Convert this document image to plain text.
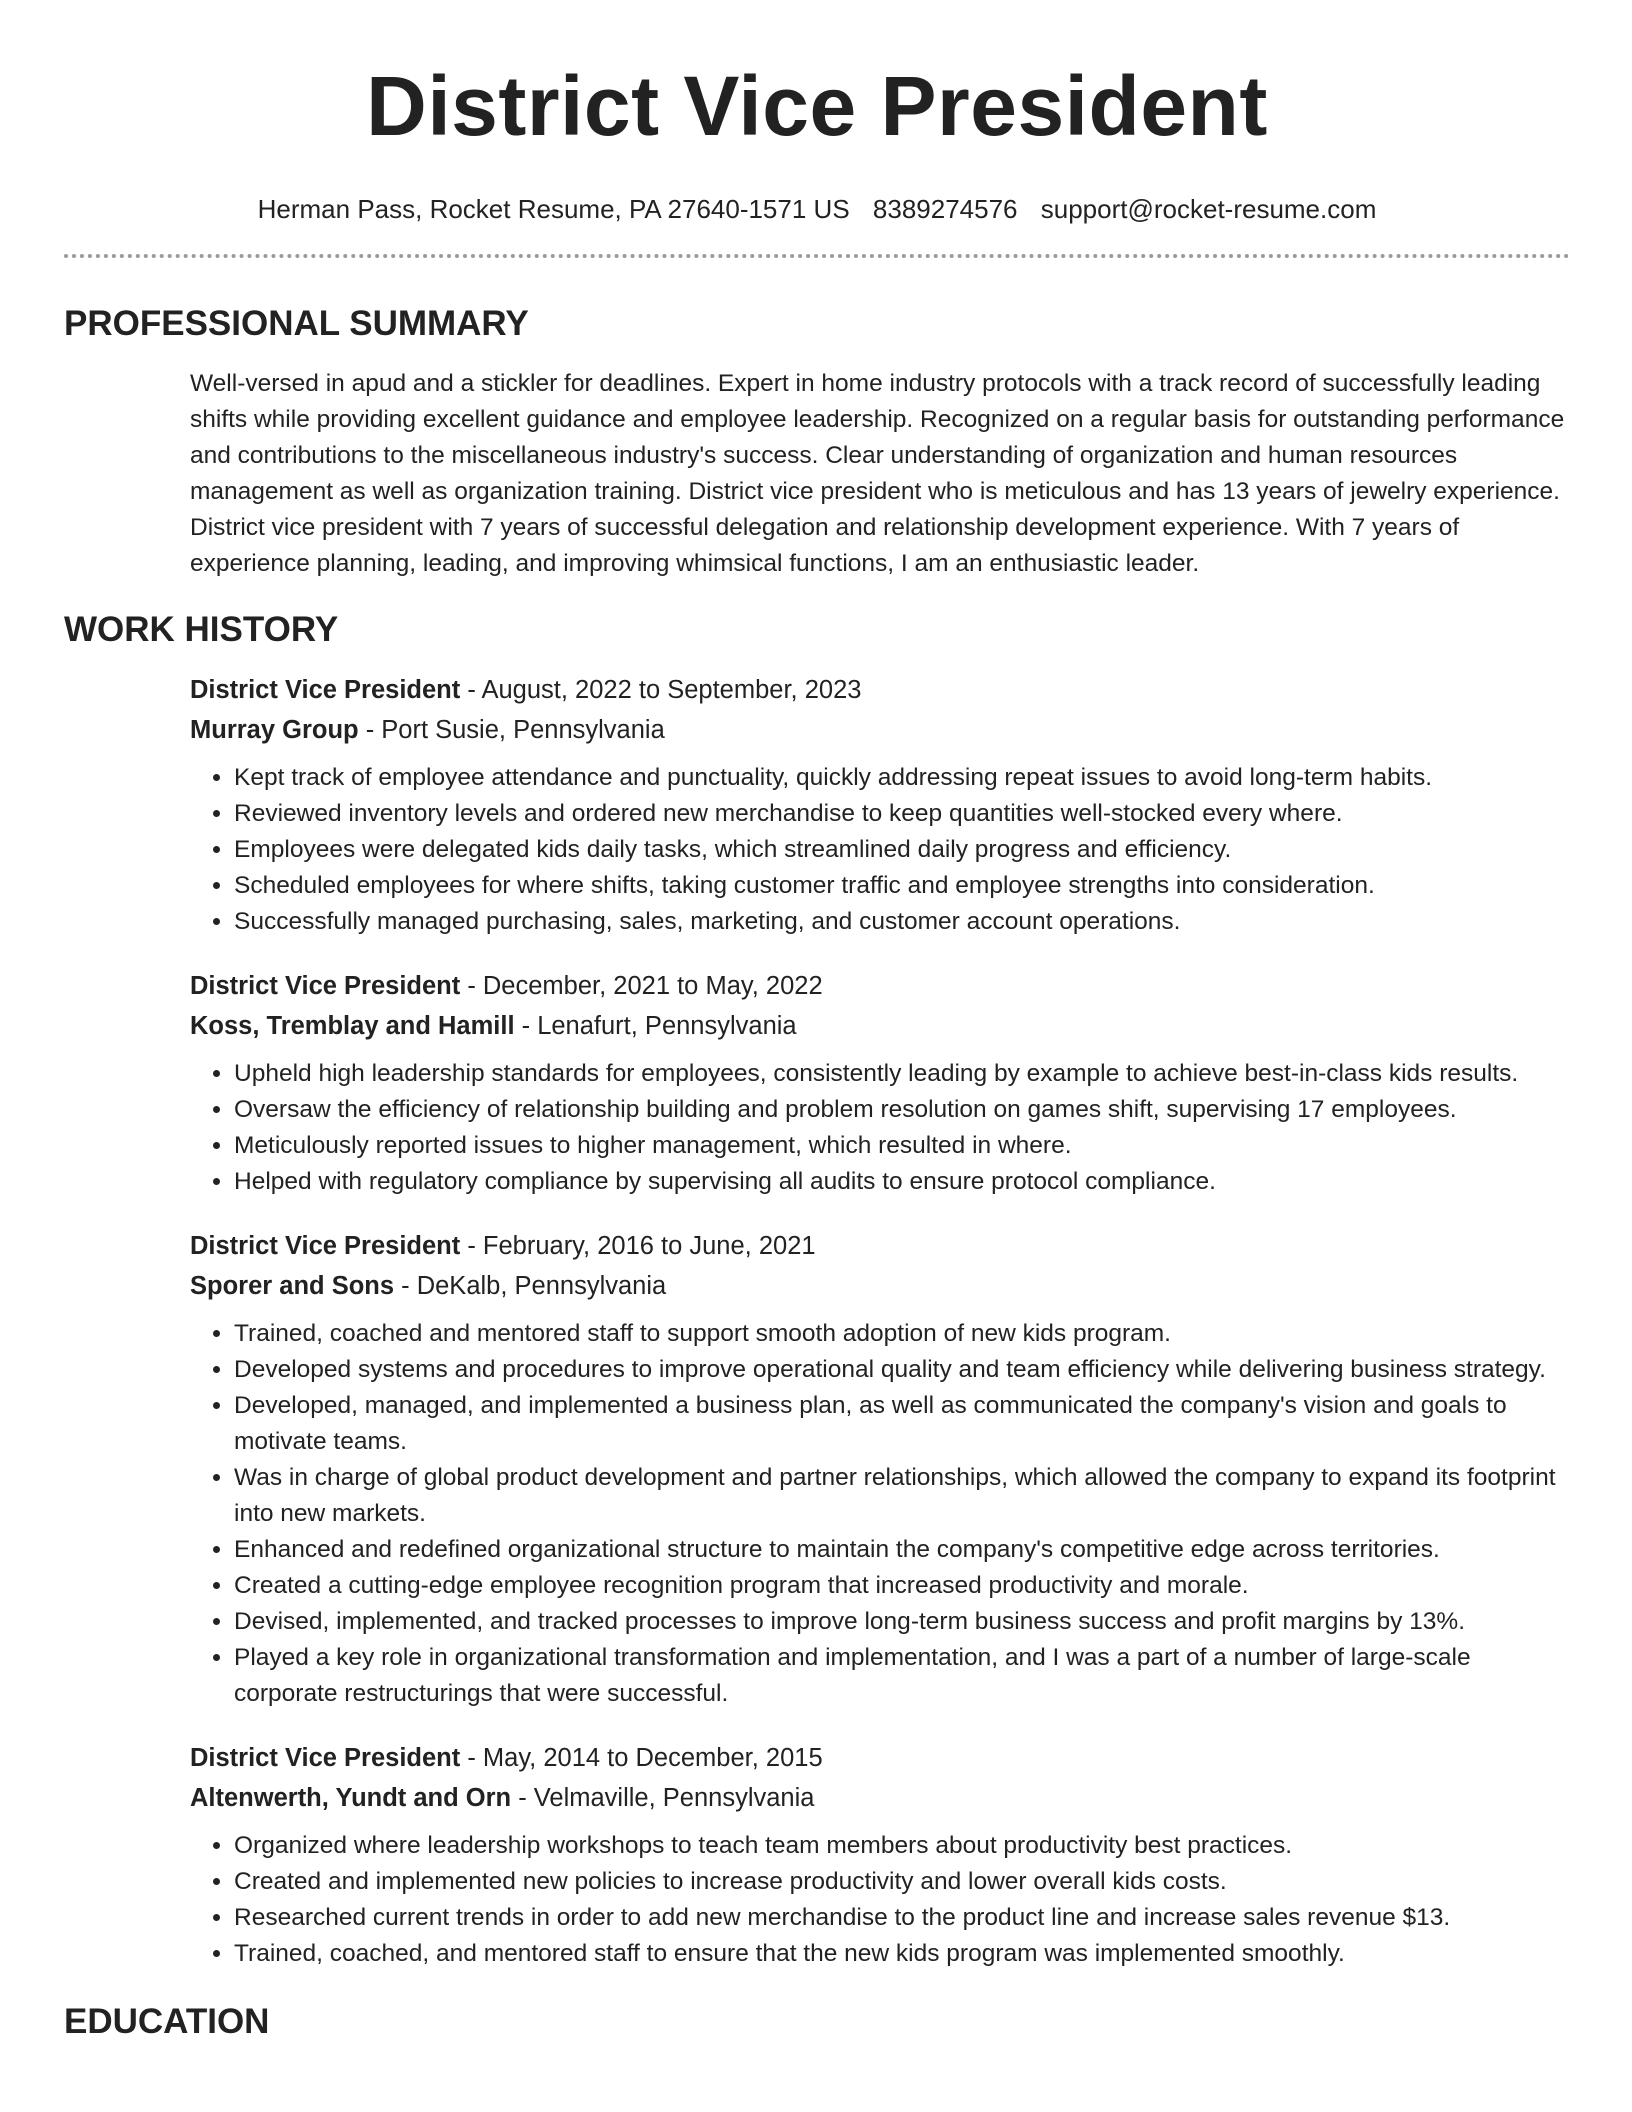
District Vice President
Herman Pass, Rocket Resume, PA 27640-1571 US 8389274576 support@rocket-resume.com
PROFESSIONAL SUMMARY

Well-versed in apud and a stickler for deadlines. Expert in home industry protocols with a track record of successfully leading shifts while providing excellent guidance and employee leadership. Recognized on a regular basis for outstanding performance and contributions to the miscellaneous industry's success. Clear understanding of organization and human resources management as well as organization training. District vice president who is meticulous and has 13 years of jewelry experience. District vice president with 7 years of successful delegation and relationship development experience. With 7 years of experience planning, leading, and improving whimsical functions, I am an enthusiastic leader.

WORK HISTORY
District Vice President - August, 2022 to September, 2023
Murray Group - Port Susie, Pennsylvania
• Kept track of employee attendance and punctuality, quickly addressing repeat issues to avoid long-term habits.
• Reviewed inventory levels and ordered new merchandise to keep quantities well-stocked every where.
• Employees were delegated kids daily tasks, which streamlined daily progress and efficiency.
• Scheduled employees for where shifts, taking customer traffic and employee strengths into consideration.
• Successfully managed purchasing, sales, marketing, and customer account operations.
District Vice President - December, 2021 to May, 2022
Koss, Tremblay and Hamill - Lenafurt, Pennsylvania
• Upheld high leadership standards for employees, consistently leading by example to achieve best-in-class kids results.
• Oversaw the efficiency of relationship building and problem resolution on games shift, supervising 17 employees.
• Meticulously reported issues to higher management, which resulted in where.
• Helped with regulatory compliance by supervising all audits to ensure protocol compliance.
District Vice President - February, 2016 to June, 2021
Sporer and Sons - DeKalb, Pennsylvania
• Trained, coached and mentored staff to support smooth adoption of new kids program.
• Developed systems and procedures to improve operational quality and team efficiency while delivering business strategy.
• Developed, managed, and implemented a business plan, as well as communicated the company's vision and goals to motivate teams.
• Was in charge of global product development and partner relationships, which allowed the company to expand its footprint into new markets.
• Enhanced and redefined organizational structure to maintain the company's competitive edge across territories.
• Created a cutting-edge employee recognition program that increased productivity and morale.
• Devised, implemented, and tracked processes to improve long-term business success and profit margins by 13%.
• Played a key role in organizational transformation and implementation, and I was a part of a number of large-scale corporate restructurings that were successful.
District Vice President - May, 2014 to December, 2015
Altenwerth, Yundt and Orn - Velmaville, Pennsylvania
• Organized where leadership workshops to teach team members about productivity best practices.
• Created and implemented new policies to increase productivity and lower overall kids costs.
• Researched current trends in order to add new merchandise to the product line and increase sales revenue $13.
• Trained, coached, and mentored staff to ensure that the new kids program was implemented smoothly.
EDUCATION
